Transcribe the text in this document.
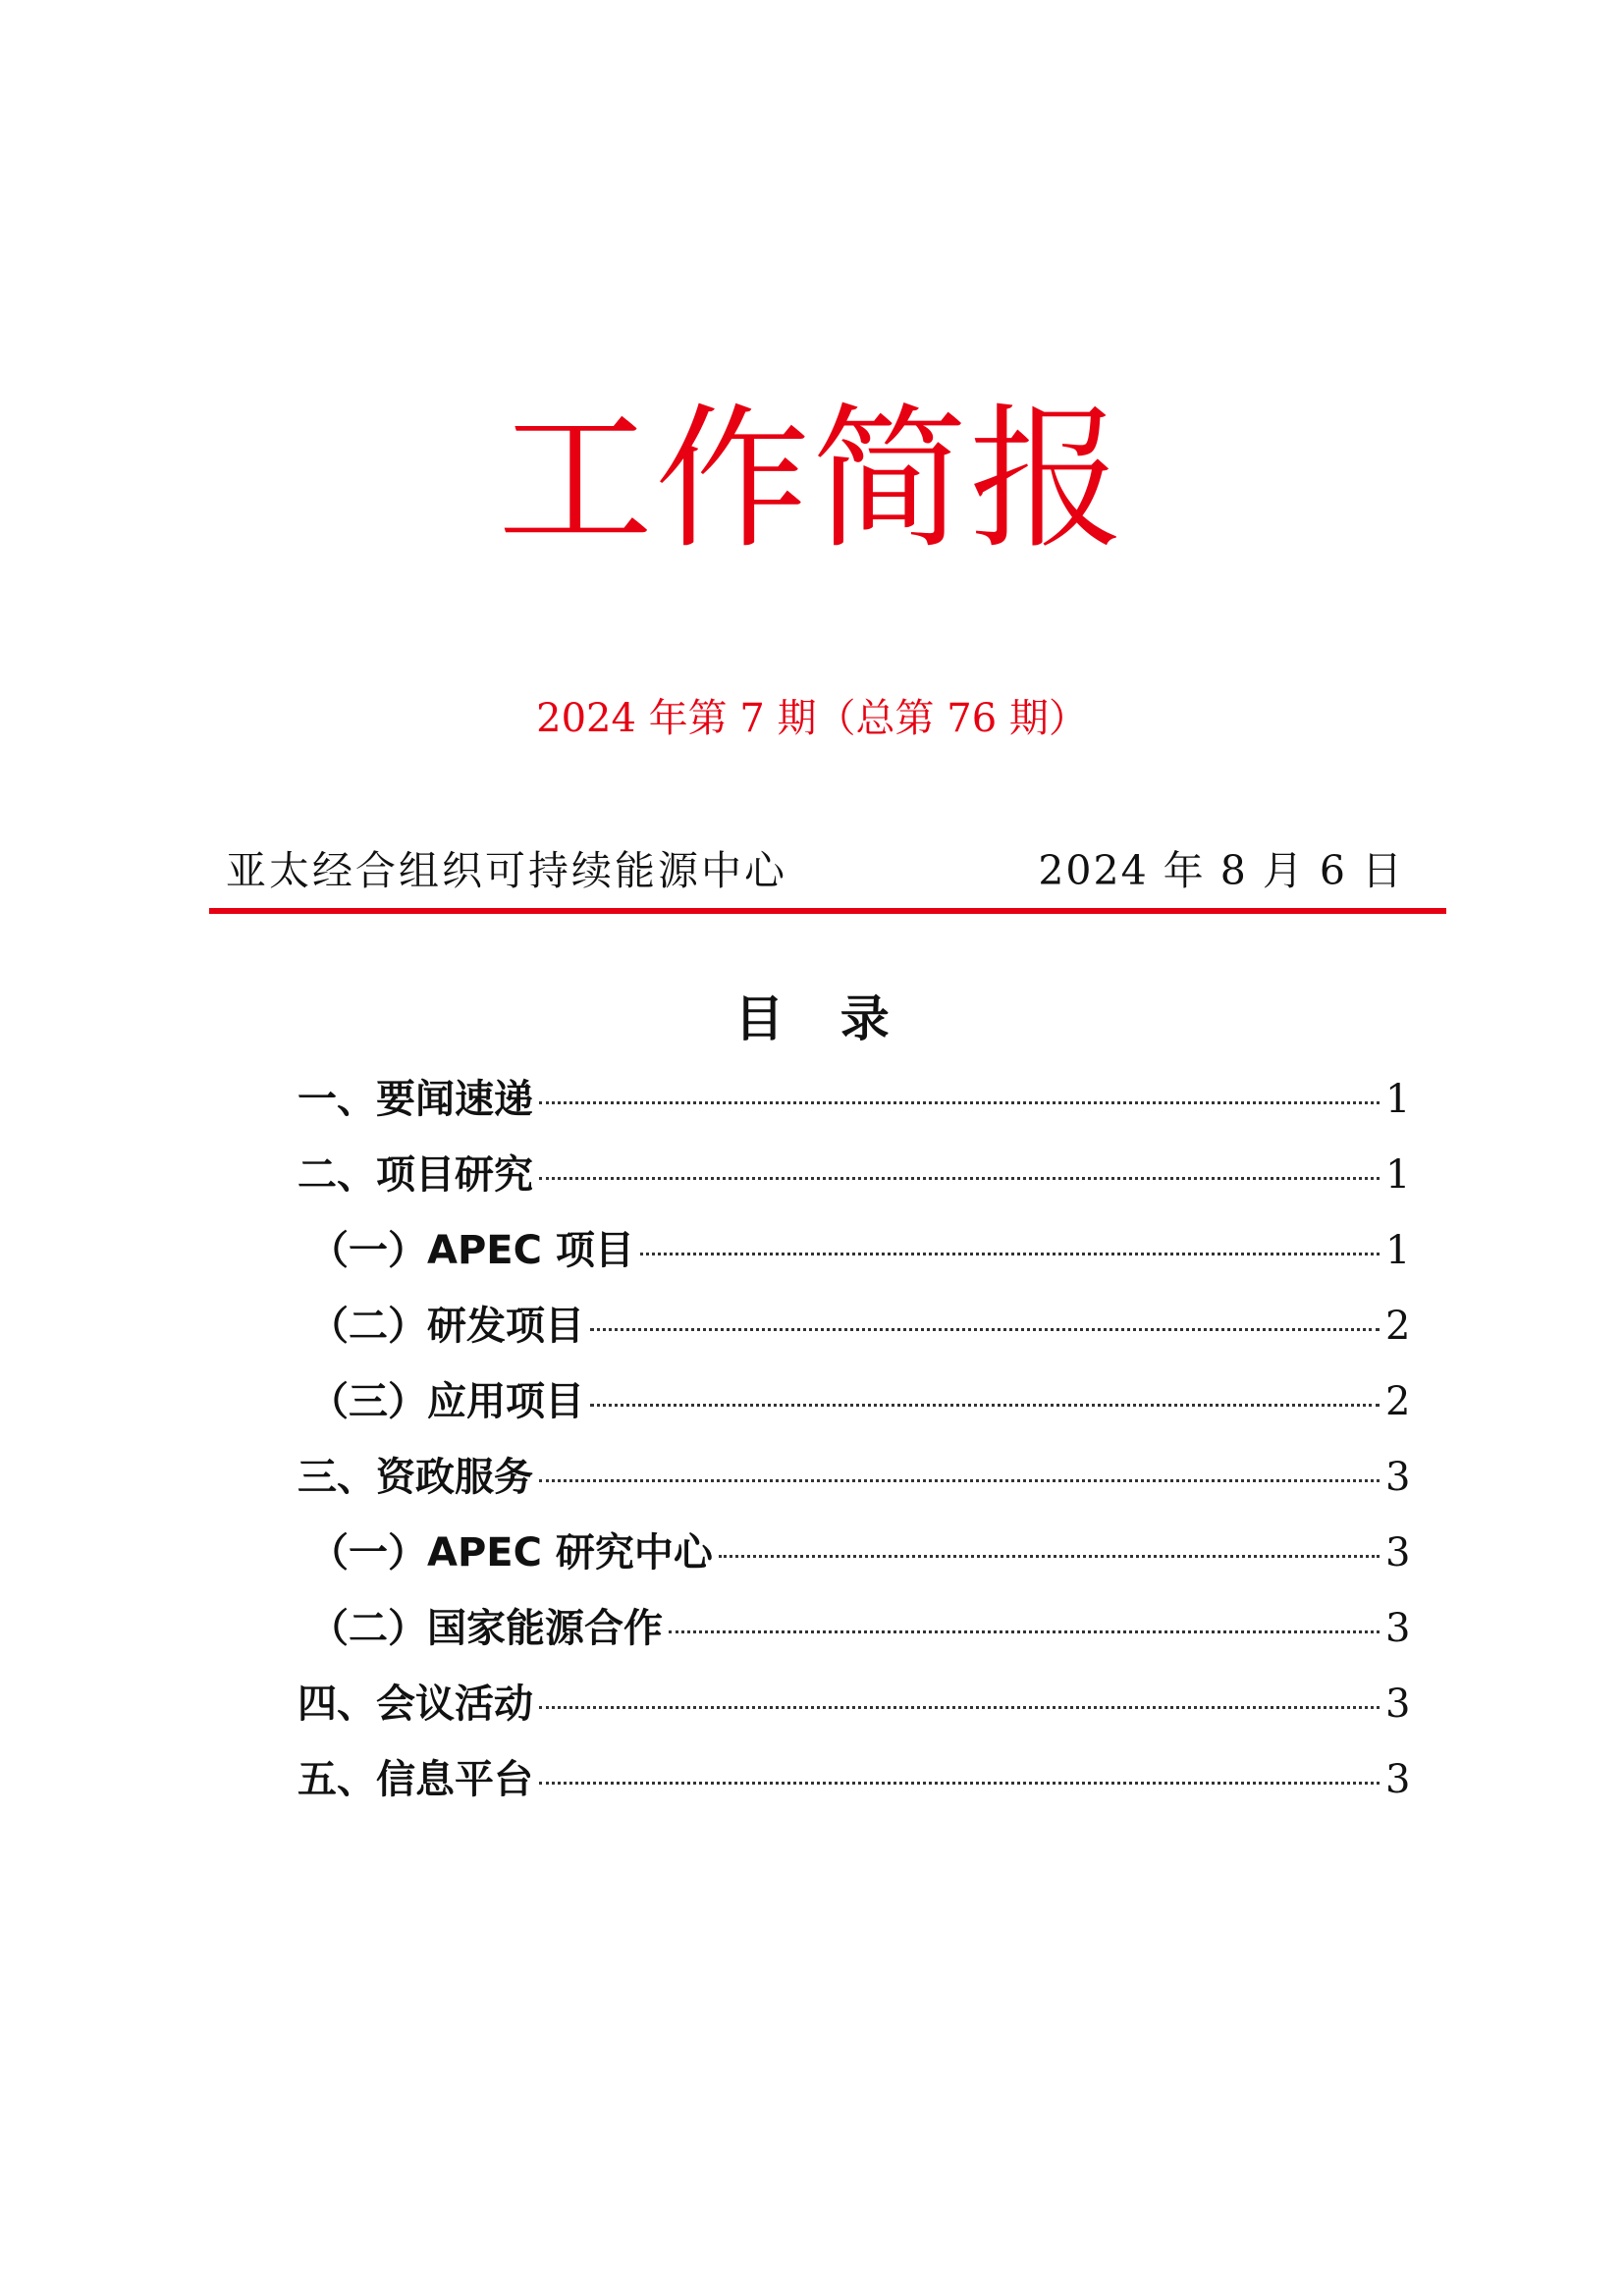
工作简报
2024 年第 7 期（总第 76 期）
亚太经合组织可持续能源中心	2024 年 8 月 6 日
目 录
一、要闻速递	1
二、项目研究	1
（一）APEC 项目	1
（二）研发项目	2
（三）应用项目	2
三、资政服务	3
（一）APEC 研究中心	3
（二）国家能源合作	3
四、会议活动	3
五、信息平台	3
